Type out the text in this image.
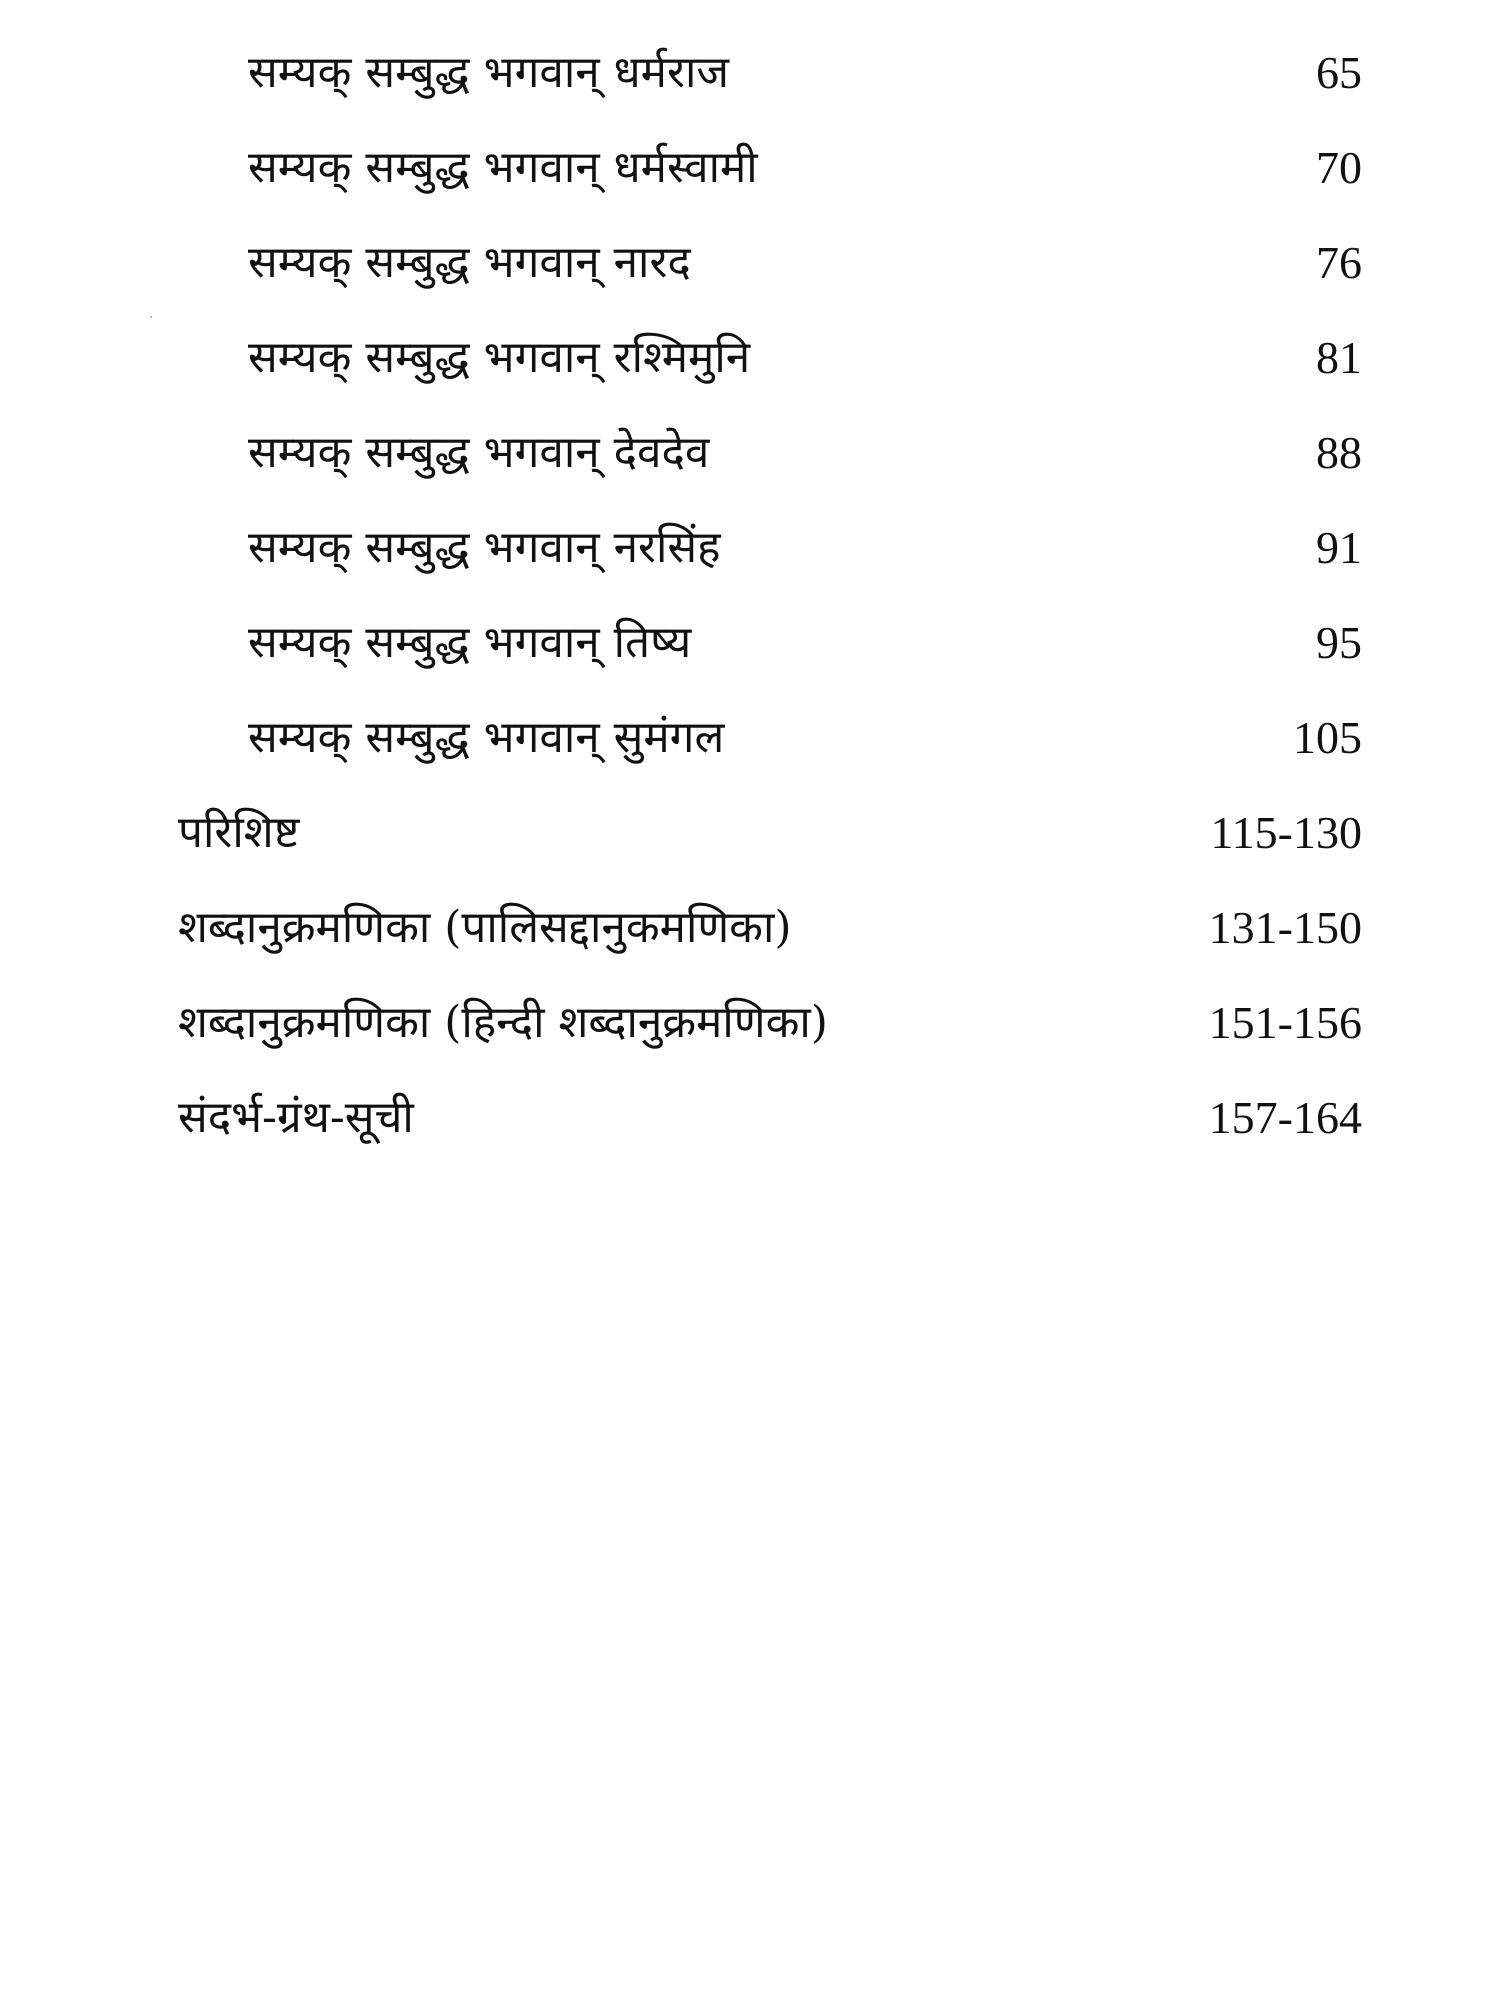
सम्यक् सम्बुद्ध भगवान् धर्मराज	65
सम्यक् सम्बुद्ध भगवान् धर्मस्वामी	70
सम्यक् सम्बुद्ध भगवान् नारद	76
सम्यक् सम्बुद्ध भगवान् रश्मिमुनि	81
सम्यक् सम्बुद्ध भगवान् देवदेव	88
सम्यक् सम्बुद्ध भगवान् नरसिंह	91
सम्यक् सम्बुद्ध भगवान् तिष्य	95
सम्यक् सम्बुद्ध भगवान् सुमंगल	105
परिशिष्ट	115-130
शब्दानुक्रमणिका (पालिसद्दानुकमणिका)	131-150
शब्दानुक्रमणिका (हिन्दी शब्दानुक्रमणिका)	151-156
संदर्भ-ग्रंथ-सूची	157-164
